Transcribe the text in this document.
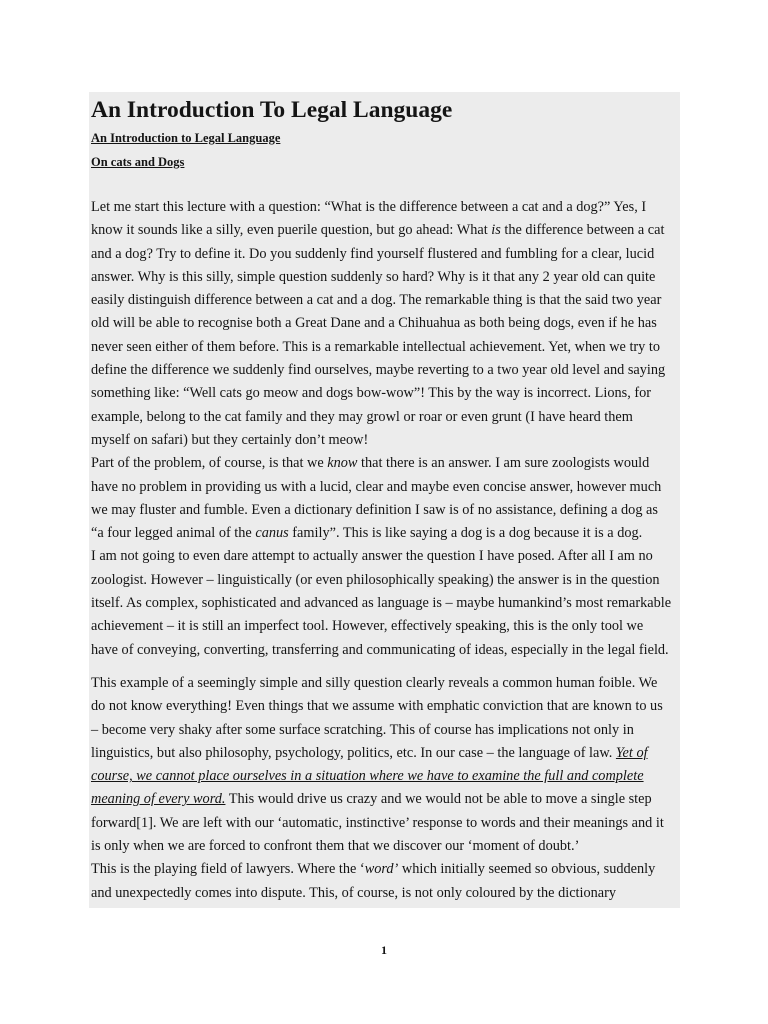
An Introduction To Legal Language
An Introduction to Legal Language
On cats and Dogs
Let me start this lecture with a question: “What is the difference between a cat and a dog?” Yes, I
know it sounds like a silly, even puerile question, but go ahead: What is the difference between a cat
and a dog? Try to define it. Do you suddenly find yourself flustered and fumbling for a clear, lucid
answer. Why is this silly, simple question suddenly so hard? Why is it that any 2 year old can quite
easily distinguish difference between a cat and a dog. The remarkable thing is that the said two year
old will be able to recognise both a Great Dane and a Chihuahua as both being dogs, even if he has
never seen either of them before. This is a remarkable intellectual achievement. Yet, when we try to
define the difference we suddenly find ourselves, maybe reverting to a two year old level and saying
something like: “Well cats go meow and dogs bow-wow”! This by the way is incorrect. Lions, for
example, belong to the cat family and they may growl or roar or even grunt (I have heard them
myself on safari) but they certainly don’t meow!
Part of the problem, of course, is that we know that there is an answer. I am sure zoologists would
have no problem in providing us with a lucid, clear and maybe even concise answer, however much
we may fluster and fumble. Even a dictionary definition I saw is of no assistance, defining a dog as
“a four legged animal of the canus family”. This is like saying a dog is a dog because it is a dog.
I am not going to even dare attempt to actually answer the question I have posed. After all I am no
zoologist. However – linguistically (or even philosophically speaking) the answer is in the question
itself. As complex, sophisticated and advanced as language is – maybe humankind’s most remarkable
achievement – it is still an imperfect tool. However, effectively speaking, this is the only tool we
have of conveying, converting, transferring and communicating of ideas, especially in the legal field.
This example of a seemingly simple and silly question clearly reveals a common human foible. We
do not know everything! Even things that we assume with emphatic conviction that are known to us
– become very shaky after some surface scratching. This of course has implications not only in
linguistics, but also philosophy, psychology, politics, etc. In our case – the language of law. Yet of
course, we cannot place ourselves in a situation where we have to examine the full and complete
meaning of every word. This would drive us crazy and we would not be able to move a single step
forward[1]. We are left with our ‘automatic, instinctive’ response to words and their meanings and it
is only when we are forced to confront them that we discover our ‘moment of doubt.’
This is the playing field of lawyers. Where the ‘word’ which initially seemed so obvious, suddenly
and unexpectedly comes into dispute. This, of course, is not only coloured by the dictionary
1
